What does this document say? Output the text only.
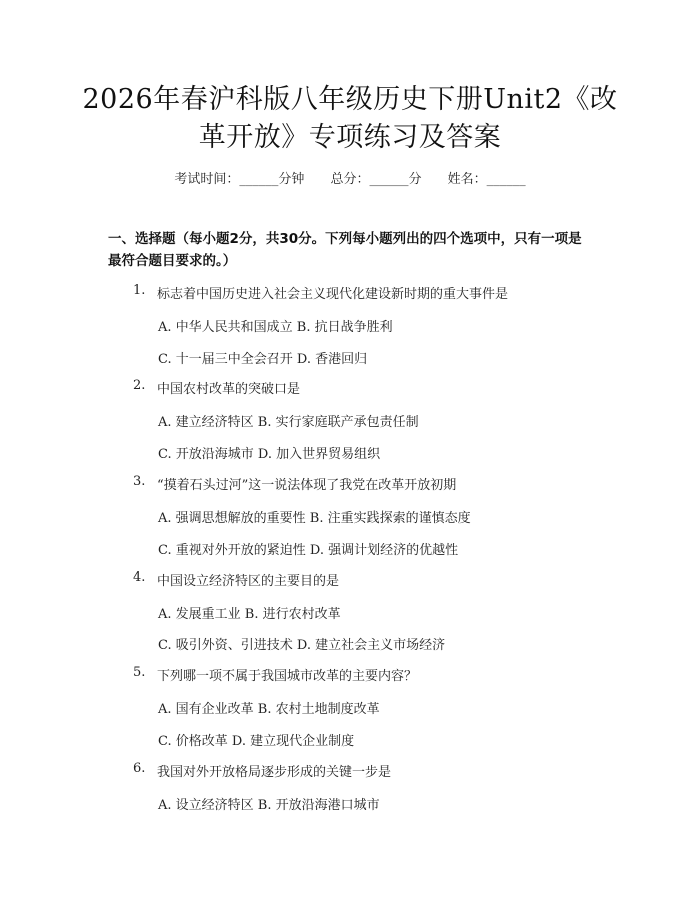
2026年春沪科版八年级历史下册Unit2《改
革开放》专项练习及答案
考试时间：______分钟 总分：______分 姓名：______
一、选择题（每小题2分，共30分。下列每小题列出的四个选项中，只有一项是
最符合题目要求的。）
1. 标志着中国历史进入社会主义现代化建设新时期的重大事件是
A. 中华人民共和国成立 B. 抗日战争胜利
C. 十一届三中全会召开 D. 香港回归
2. 中国农村改革的突破口是
A. 建立经济特区 B. 实行家庭联产承包责任制
C. 开放沿海城市 D. 加入世界贸易组织
3. “摸着石头过河”这一说法体现了我党在改革开放初期
A. 强调思想解放的重要性 B. 注重实践探索的谨慎态度
C. 重视对外开放的紧迫性 D. 强调计划经济的优越性
4. 中国设立经济特区的主要目的是
A. 发展重工业 B. 进行农村改革
C. 吸引外资、引进技术 D. 建立社会主义市场经济
5. 下列哪一项不属于我国城市改革的主要内容？
A. 国有企业改革 B. 农村土地制度改革
C. 价格改革 D. 建立现代企业制度
6. 我国对外开放格局逐步形成的关键一步是
A. 设立经济特区 B. 开放沿海港口城市
